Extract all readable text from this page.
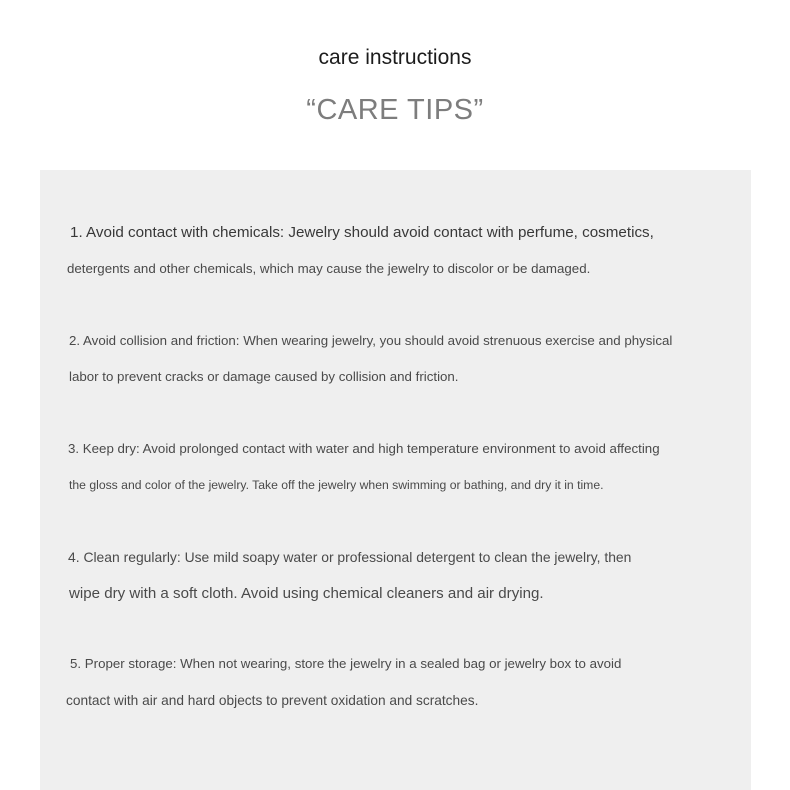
care instructions
“CARE TIPS”
1. Avoid contact with chemicals: Jewelry should avoid contact with perfume, cosmetics,
detergents and other chemicals, which may cause the jewelry to discolor or be damaged.
2. Avoid collision and friction: When wearing jewelry, you should avoid strenuous exercise and physical
labor to prevent cracks or damage caused by collision and friction.
3. Keep dry: Avoid prolonged contact with water and high temperature environment to avoid affecting
the gloss and color of the jewelry. Take off the jewelry when swimming or bathing, and dry it in time.
4. Clean regularly: Use mild soapy water or professional detergent to clean the jewelry, then
wipe dry with a soft cloth. Avoid using chemical cleaners and air drying.
5. Proper storage: When not wearing, store the jewelry in a sealed bag or jewelry box to avoid
contact with air and hard objects to prevent oxidation and scratches.
